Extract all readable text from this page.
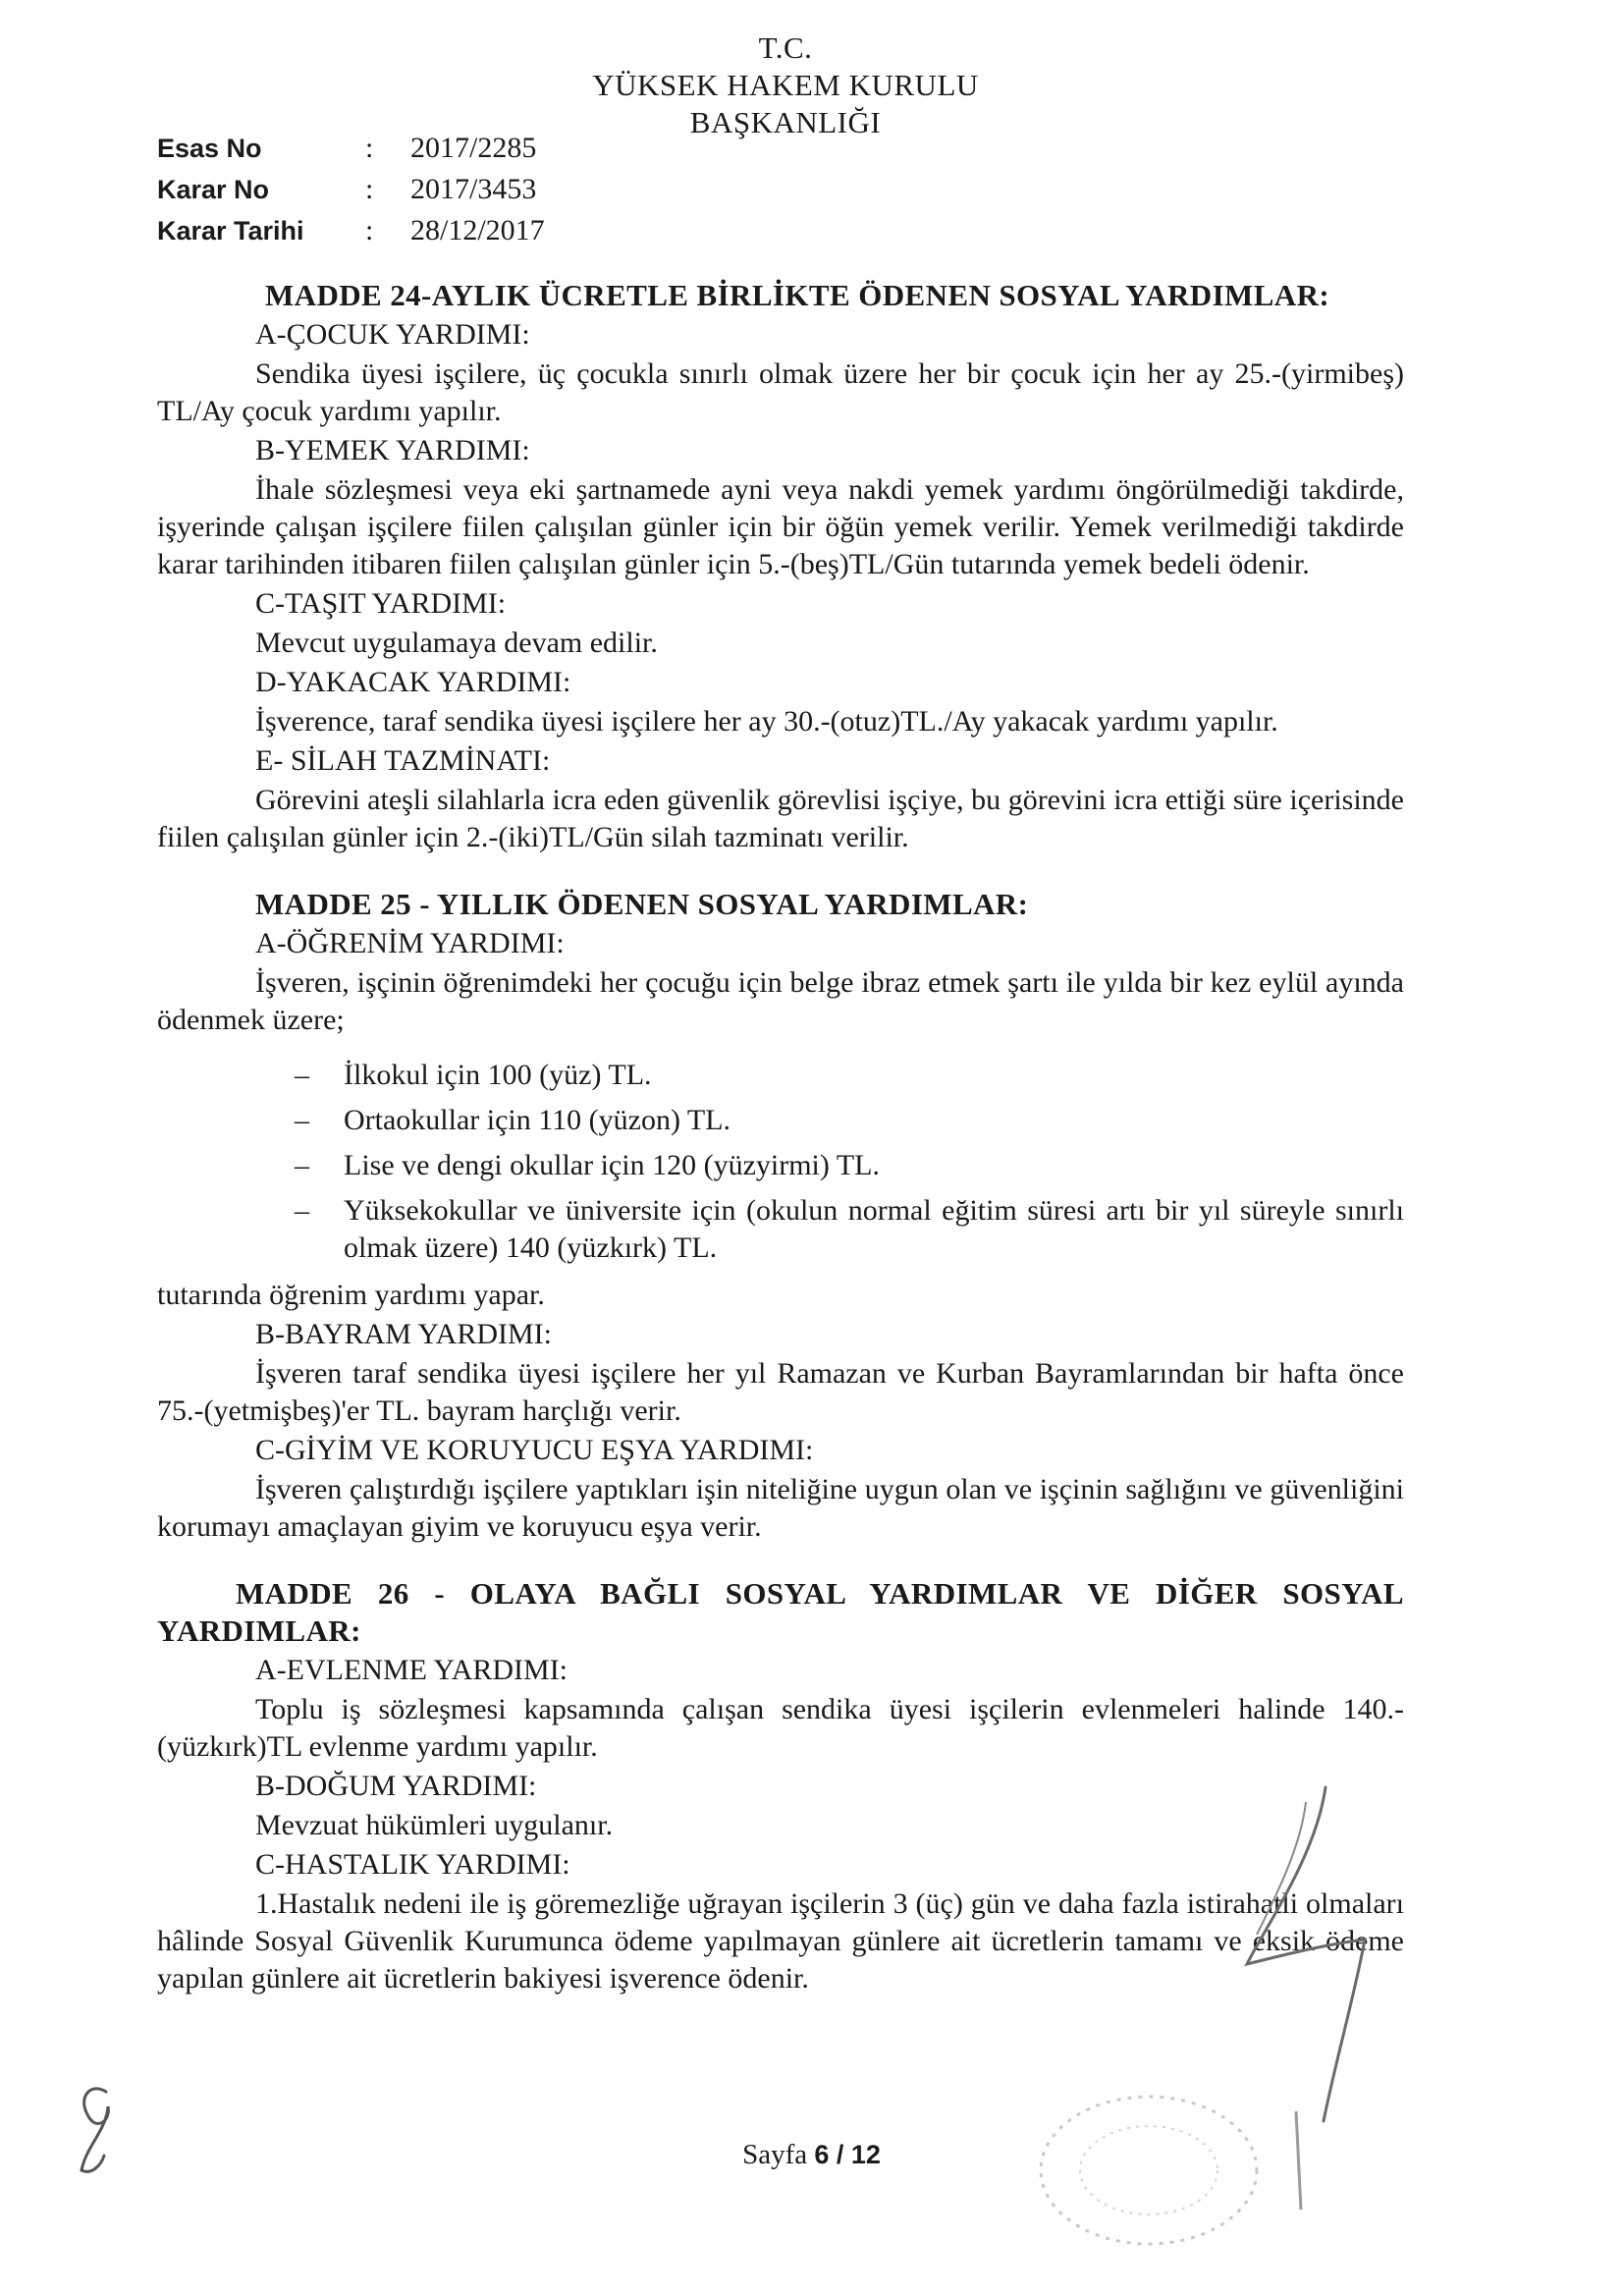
T.C.
YÜKSEK HAKEM KURULU
BAŞKANLIĞI
Esas No	:	2017/2285
Karar No	:	2017/3453
Karar Tarihi	:	28/12/2017
MADDE 24-AYLIK ÜCRETLE BİRLİKTE ÖDENEN SOSYAL YARDIMLAR:
A-ÇOCUK YARDIMI:
Sendika üyesi işçilere, üç çocukla sınırlı olmak üzere her bir çocuk için her ay 25.-(yirmibeş) TL/Ay çocuk yardımı yapılır.
B-YEMEK YARDIMI:
İhale sözleşmesi veya eki şartnamede ayni veya nakdi yemek yardımı öngörülmediği takdirde, işyerinde çalışan işçilere fiilen çalışılan günler için bir öğün yemek verilir. Yemek verilmediği takdirde karar tarihinden itibaren fiilen çalışılan günler için 5.-(beş)TL/Gün tutarında yemek bedeli ödenir.
C-TAŞIT YARDIMI:
Mevcut uygulamaya devam edilir.
D-YAKACAK YARDIMI:
İşverence, taraf sendika üyesi işçilere her ay 30.-(otuz)TL./Ay yakacak yardımı yapılır.
E- SİLAH TAZMİNATI:
Görevini ateşli silahlarla icra eden güvenlik görevlisi işçiye, bu görevini icra ettiği süre içerisinde fiilen çalışılan günler için 2.-(iki)TL/Gün silah tazminatı verilir.
MADDE 25 - YILLIK ÖDENEN SOSYAL YARDIMLAR:
A-ÖĞRENİM YARDIMI:
İşveren, işçinin öğrenimdeki her çocuğu için belge ibraz etmek şartı ile yılda bir kez eylül ayında ödenmek üzere;
– İlkokul için 100 (yüz) TL.
– Ortaokullar için 110 (yüzon) TL.
– Lise ve dengi okullar için 120 (yüzyirmi) TL.
– Yüksekokullar ve üniversite için (okulun normal eğitim süresi artı bir yıl süreyle sınırlı olmak üzere) 140 (yüzkırk) TL.
tutarında öğrenim yardımı yapar.
B-BAYRAM YARDIMI:
İşveren taraf sendika üyesi işçilere her yıl Ramazan ve Kurban Bayramlarından bir hafta önce 75.-(yetmişbeş)'er TL. bayram harçlığı verir.
C-GİYİM VE KORUYUCU EŞYA YARDIMI:
İşveren çalıştırdığı işçilere yaptıkları işin niteliğine uygun olan ve işçinin sağlığını ve güvenliğini korumayı amaçlayan giyim ve koruyucu eşya verir.
MADDE 26 - OLAYA BAĞLI SOSYAL YARDIMLAR VE DİĞER SOSYAL YARDIMLAR:
A-EVLENME YARDIMI:
Toplu iş sözleşmesi kapsamında çalışan sendika üyesi işçilerin evlenmeleri halinde 140.-(yüzkırk)TL evlenme yardımı yapılır.
B-DOĞUM YARDIMI:
Mevzuat hükümleri uygulanır.
C-HASTALIK YARDIMI:
1.Hastalık nedeni ile iş göremezliğe uğrayan işçilerin 3 (üç) gün ve daha fazla istirahatli olmaları hâlinde Sosyal Güvenlik Kurumunca ödeme yapılmayan günlere ait ücretlerin tamamı ve eksik ödeme yapılan günlere ait ücretlerin bakiyesi işverence ödenir.
Sayfa 6 / 12
